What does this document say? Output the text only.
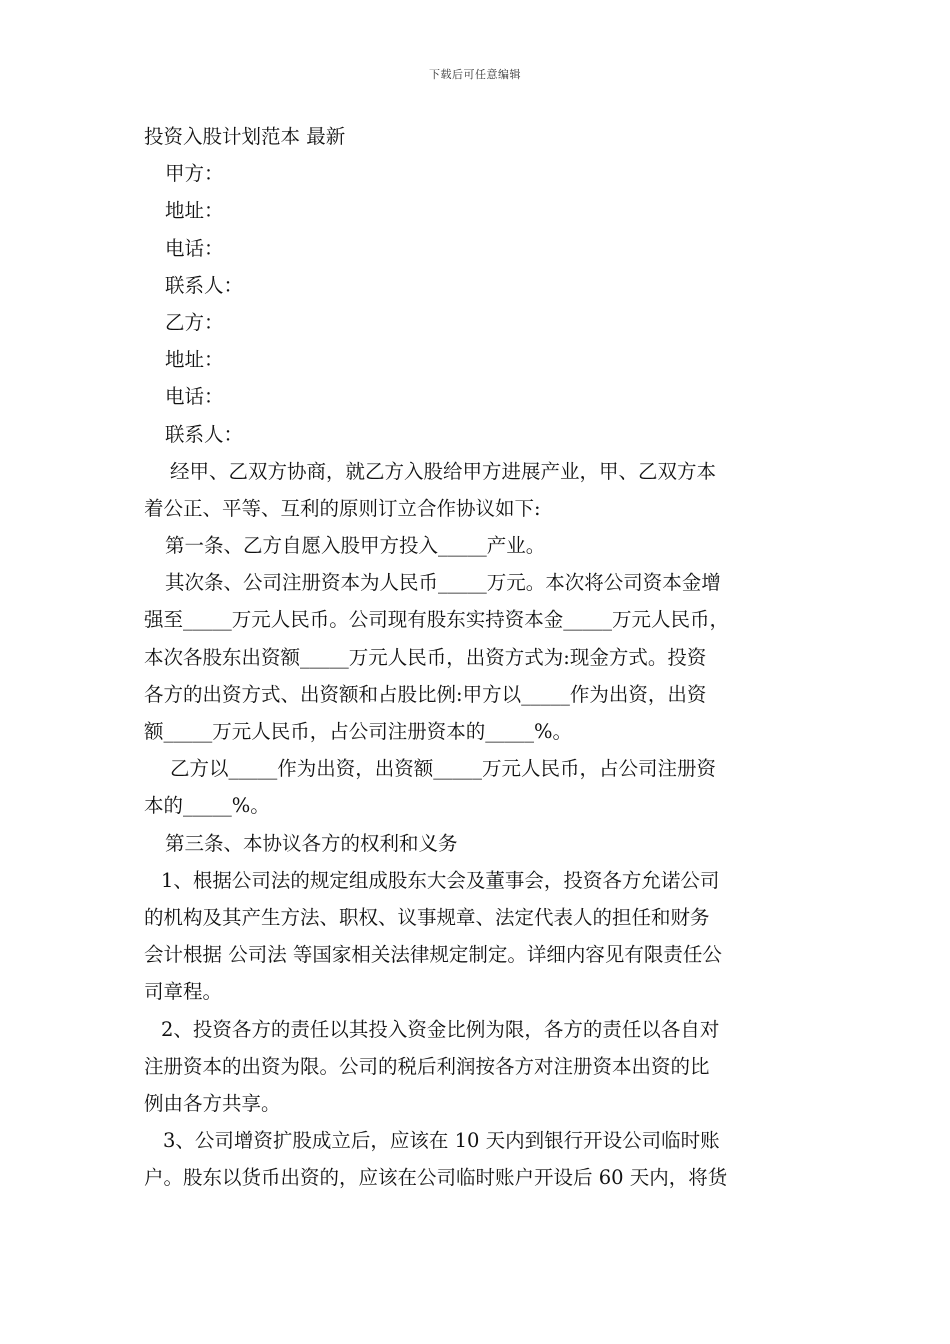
下载后可任意编辑
投资入股计划范本 最新
甲方：
地址：
电话：
联系人：
乙方：
地址：
电话：
联系人：
经甲、乙双方协商，就乙方入股给甲方进展产业，甲、乙双方本
着公正、平等、互利的原则订立合作协议如下:
第一条、乙方自愿入股甲方投入_____产业。
其次条、公司注册资本为人民币_____万元。本次将公司资本金增
强至_____万元人民币。公司现有股东实持资本金_____万元人民币，
本次各股东出资额_____万元人民币，出资方式为:现金方式。投资
各方的出资方式、出资额和占股比例:甲方以_____作为出资，出资
额_____万元人民币，占公司注册资本的_____%。
乙方以_____作为出资，出资额_____万元人民币，占公司注册资
本的_____%。
第三条、本协议各方的权利和义务
1、根据公司法的规定组成股东大会及董事会，投资各方允诺公司
的机构及其产生方法、职权、议事规章、法定代表人的担任和财务
会计根据 公司法 等国家相关法律规定制定。详细内容见有限责任公
司章程。
2、投资各方的责任以其投入资金比例为限，各方的责任以各自对
注册资本的出资为限。公司的税后利润按各方对注册资本出资的比
例由各方共享。
3、公司增资扩股成立后，应该在 10 天内到银行开设公司临时账
户。股东以货币出资的，应该在公司临时账户开设后 60 天内，将货
